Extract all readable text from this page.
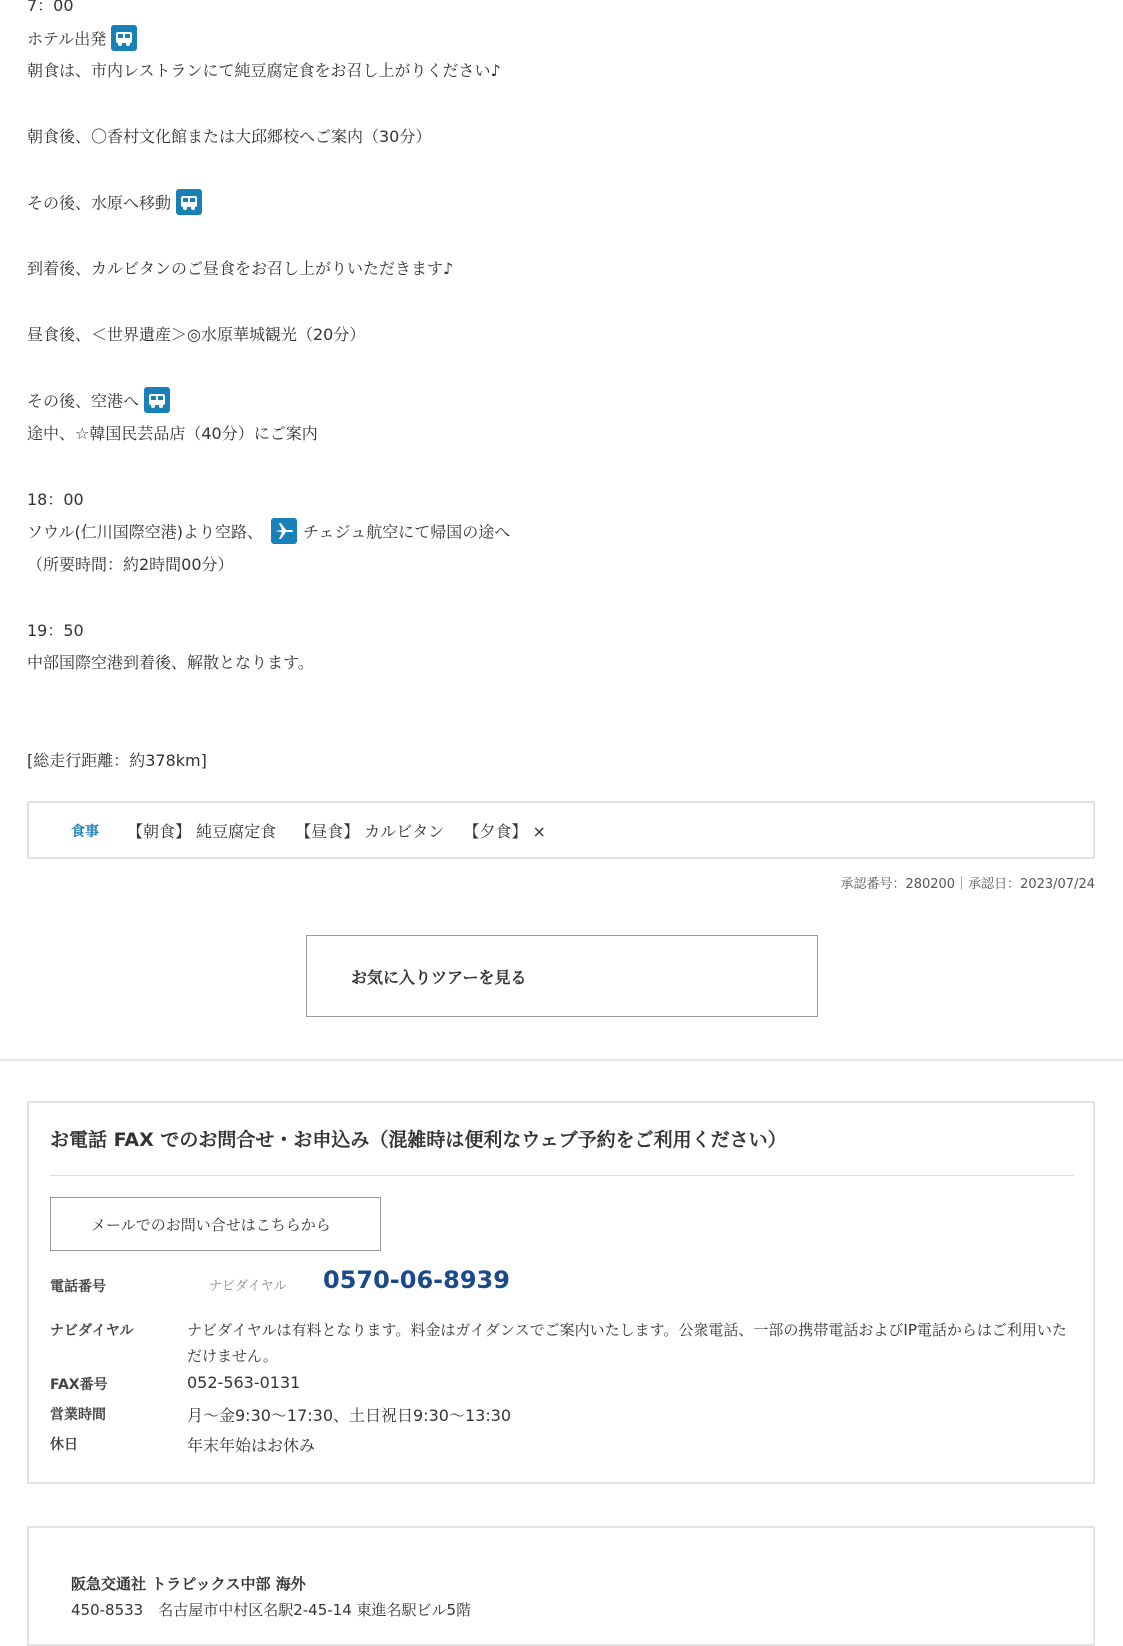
7：00
ホテル出発
朝食は、市内レストランにて純豆腐定食をお召し上がりください♪
朝食後、〇香村文化館または大邱郷校へご案内（30分）
その後、水原へ移動
到着後、カルビタンのご昼食をお召し上がりいただきます♪
昼食後、＜世界遺産＞◎水原華城観光（20分）
その後、空港へ
途中、☆韓国民芸品店（40分）にご案内
18：00
ソウル(仁川国際空港)より空路、	チェジュ航空にて帰国の途へ
（所要時間：約2時間00分）
19：50
中部国際空港到着後、解散となります。
[総走行距離：約378km]
食事 【朝食】 純豆腐定食 【昼食】 カルビタン 【夕食】 ×
承認番号：280200｜承認日：2023/07/24
お気に入りツアーを見る
お電話 FAX でのお問合せ・お申込み（混雑時は便利なウェブ予約をご利用ください）
メールでのお問い合せはこちらから
電話番号	ナビダイヤル 0570-06-8939
ナビダイヤル	ナビダイヤルは有料となります。料金はガイダンスでご案内いたします。公衆電話、一部の携帯電話およびIP電話からはご利用いただけません。
FAX番号	052-563-0131
営業時間	月～金9:30～17:30、土日祝日9:30～13:30
休日	年末年始はお休み
阪急交通社 トラピックス中部 海外
450-8533　名古屋市中村区名駅2-45-14 東進名駅ビル5階
